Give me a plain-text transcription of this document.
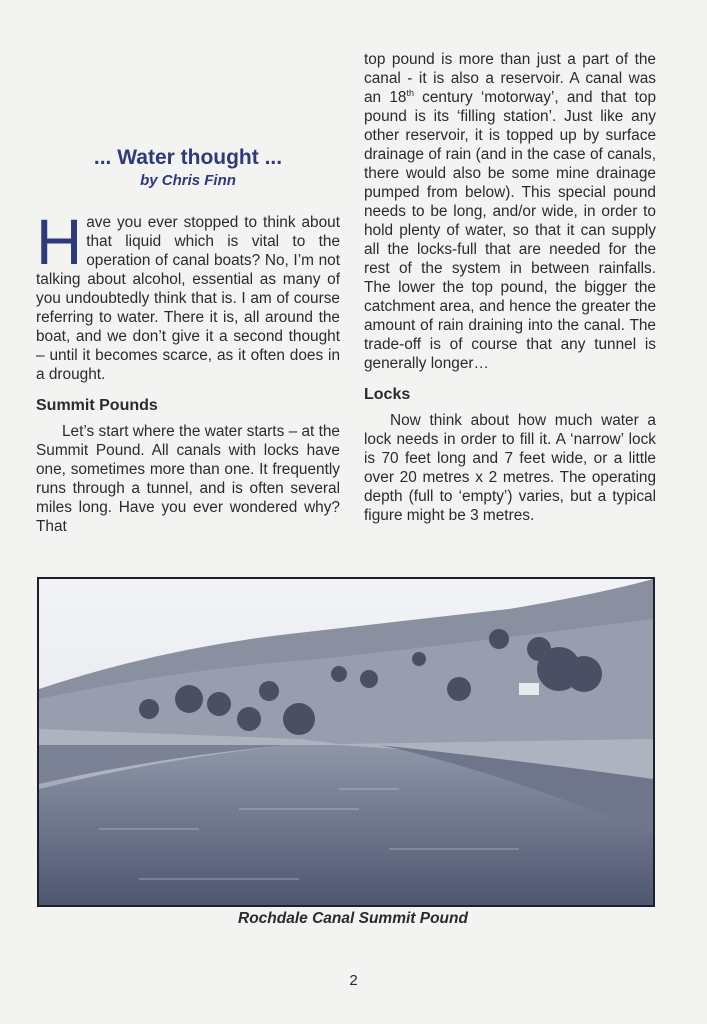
... Water thought ...
by Chris Finn

Have you ever stopped to think about that liquid which is vital to the operation of canal boats? No, I’m not talking about alcohol, essential as many of you undoubtedly think that is. I am of course referring to water. There it is, all around the boat, and we don’t give it a second thought – until it becomes scarce, as it often does in a drought.

Summit Pounds

Let’s start where the water starts – at the Summit Pound. All canals with locks have one, sometimes more than one. It frequently runs through a tunnel, and is often several miles long. Have you ever wondered why? That

top pound is more than just a part of the canal - it is also a reservoir. A canal was an 18th century ‘motorway’, and that top pound is its ‘filling station’. Just like any other reservoir, it is topped up by surface drainage of rain (and in the case of canals, there would also be some mine drainage pumped from below). This special pound needs to be long, and/or wide, in order to hold plenty of water, so that it can supply all the locks-full that are needed for the rest of the system in between rainfalls. The lower the top pound, the bigger the catchment area, and hence the greater the amount of rain draining into the canal. The trade-off is of course that any tunnel is generally longer…

Locks

Now think about how much water a lock needs in order to fill it. A ‘narrow’ lock is 70 feet long and 7 feet wide, or a little over 20 metres x 2 metres. The operating depth (full to ‘empty’) varies, but a typical figure might be 3 metres.

Rochdale Canal Summit Pound
2
